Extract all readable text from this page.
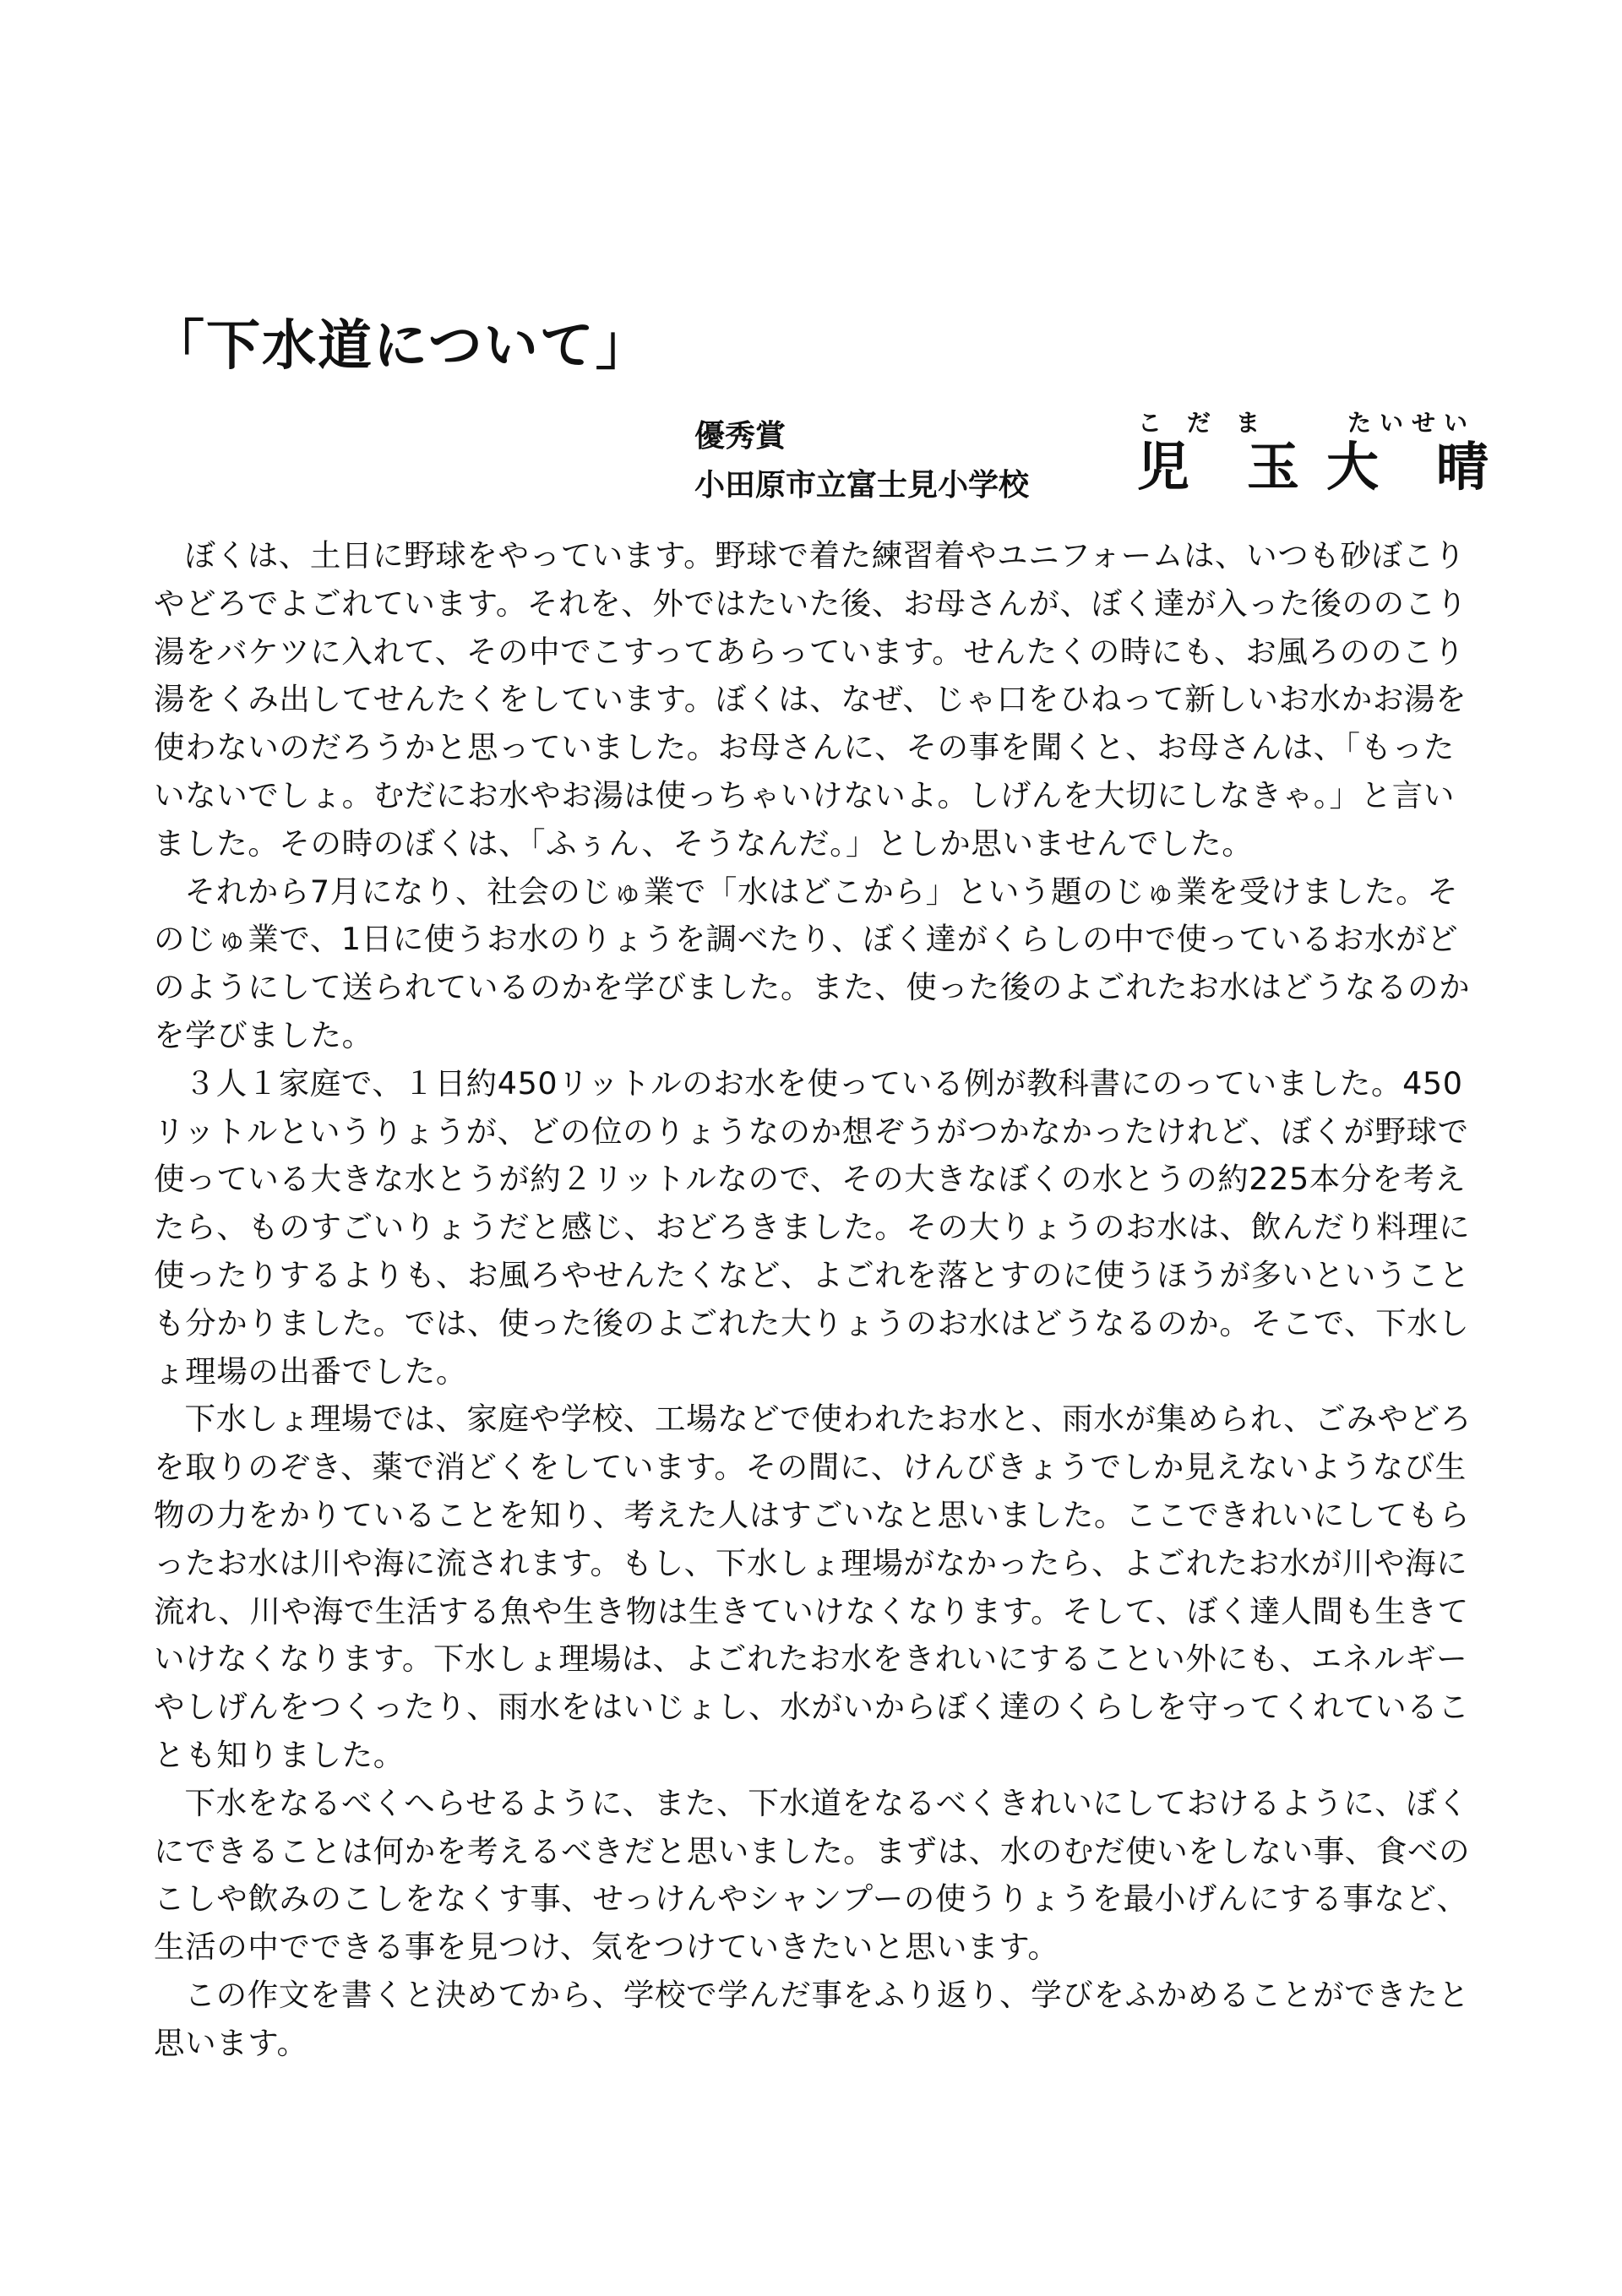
「下水道について」
優秀賞
小田原市立富士見小学校
こだま
児玉
たいせい
大晴

ぼくは、土日に野球をやっています。野球で着た練習着やユニフォームは、いつも砂ぼこりやどろでよごれています。それを、外ではたいた後、お母さんが、ぼく達が入った後ののこり湯をバケツに入れて、その中でこすってあらっています。せんたくの時にも、お風ろののこり湯をくみ出してせんたくをしています。ぼくは、なぜ、じゃ口をひねって新しいお水かお湯を使わないのだろうかと思っていました。お母さんに、その事を聞くと、お母さんは、「もったいないでしょ。むだにお水やお湯は使っちゃいけないよ。しげんを大切にしなきゃ。」と言いました。その時のぼくは、「ふぅん、そうなんだ。」としか思いませんでした。

それから7月になり、社会のじゅ業で「水はどこから」という題のじゅ業を受けました。そのじゅ業で、1日に使うお水のりょうを調べたり、ぼく達がくらしの中で使っているお水がどのようにして送られているのかを学びました。また、使った後のよごれたお水はどうなるのかを学びました。

３人１家庭で、１日約450リットルのお水を使っている例が教科書にのっていました。450リットルというりょうが、どの位のりょうなのか想ぞうがつかなかったけれど、ぼくが野球で使っている大きな水とうが約２リットルなので、その大きなぼくの水とうの約225本分を考えたら、ものすごいりょうだと感じ、おどろきました。その大りょうのお水は、飲んだり料理に使ったりするよりも、お風ろやせんたくなど、よごれを落とすのに使うほうが多いということも分かりました。では、使った後のよごれた大りょうのお水はどうなるのか。そこで、下水しょ理場の出番でした。

下水しょ理場では、家庭や学校、工場などで使われたお水と、雨水が集められ、ごみやどろを取りのぞき、薬で消どくをしています。その間に、けんびきょうでしか見えないようなび生物の力をかりていることを知り、考えた人はすごいなと思いました。ここできれいにしてもらったお水は川や海に流されます。もし、下水しょ理場がなかったら、よごれたお水が川や海に流れ、川や海で生活する魚や生き物は生きていけなくなります。そして、ぼく達人間も生きていけなくなります。下水しょ理場は、よごれたお水をきれいにすることい外にも、エネルギーやしげんをつくったり、雨水をはいじょし、水がいからぼく達のくらしを守ってくれていることも知りました。

下水をなるべくへらせるように、また、下水道をなるべくきれいにしておけるように、ぼくにできることは何かを考えるべきだと思いました。まずは、水のむだ使いをしない事、食べのこしや飲みのこしをなくす事、せっけんやシャンプーの使うりょうを最小げんにする事など、生活の中でできる事を見つけ、気をつけていきたいと思います。

この作文を書くと決めてから、学校で学んだ事をふり返り、学びをふかめることができたと思います。
